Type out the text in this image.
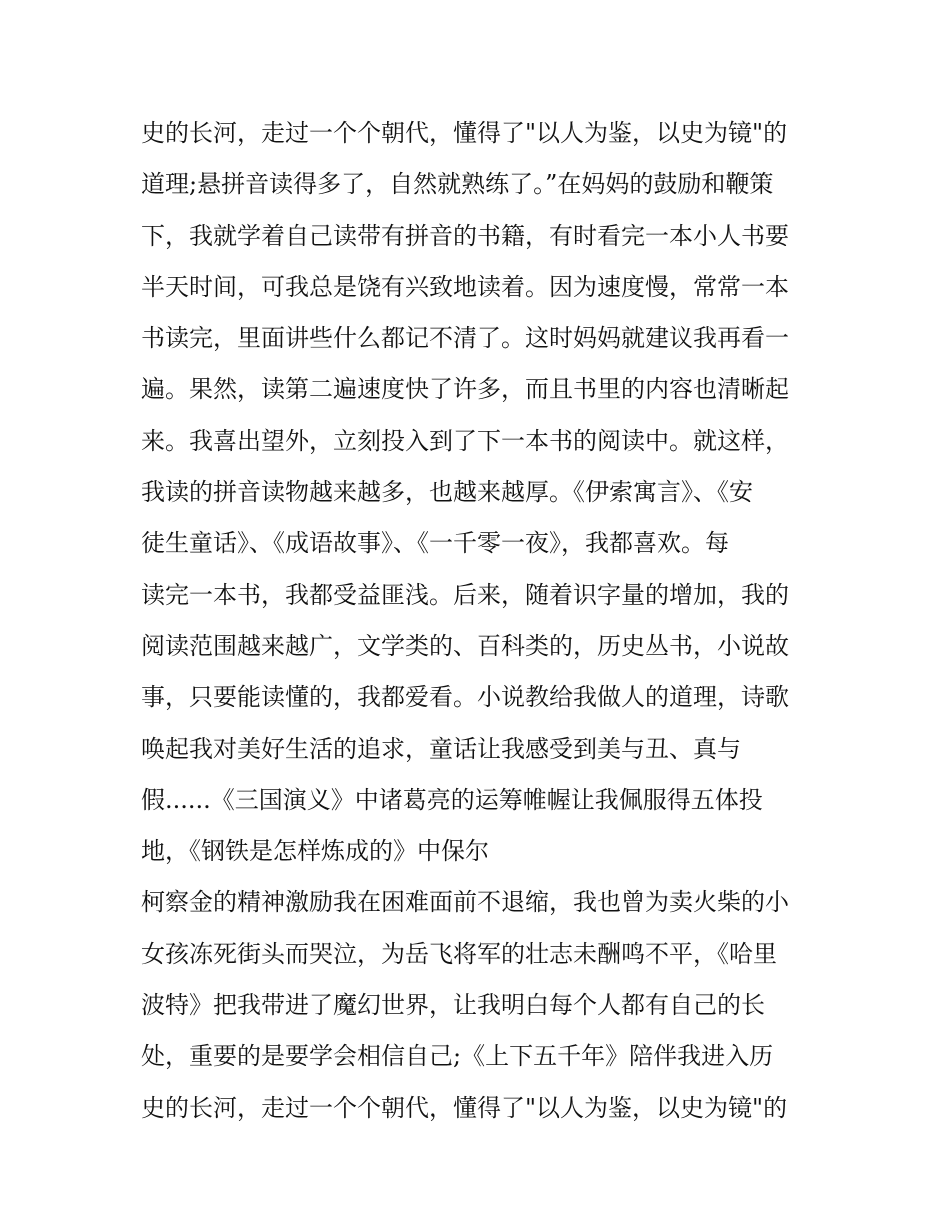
史的长河，走过一个个朝代，懂得了"以人为鉴，以史为镜"的
道理;悬拼音读得多了，自然就熟练了。”在妈妈的鼓励和鞭策
下，我就学着自己读带有拼音的书籍，有时看完一本小人书要
半天时间，可我总是饶有兴致地读着。因为速度慢，常常一本
书读完，里面讲些什么都记不清了。这时妈妈就建议我再看一
遍。果然，读第二遍速度快了许多，而且书里的内容也清晰起
来。我喜出望外，立刻投入到了下一本书的阅读中。就这样，
我读的拼音读物越来越多，也越来越厚。《伊索寓言》、《安
徒生童话》、《成语故事》、《一千零一夜》，我都喜欢。每
读完一本书，我都受益匪浅。后来，随着识字量的增加，我的
阅读范围越来越广，文学类的、百科类的，历史丛书，小说故
事，只要能读懂的，我都爱看。小说教给我做人的道理，诗歌
唤起我对美好生活的追求，童话让我感受到美与丑、真与
假......《三国演义》中诸葛亮的运筹帷幄让我佩服得五体投
地，《钢铁是怎样炼成的》中保尔
柯察金的精神激励我在困难面前不退缩，我也曾为卖火柴的小
女孩冻死街头而哭泣，为岳飞将军的壮志未酬鸣不平，《哈里
波特》把我带进了魔幻世界，让我明白每个人都有自己的长
处，重要的是要学会相信自己;《上下五千年》陪伴我进入历
史的长河，走过一个个朝代，懂得了"以人为鉴，以史为镜"的
